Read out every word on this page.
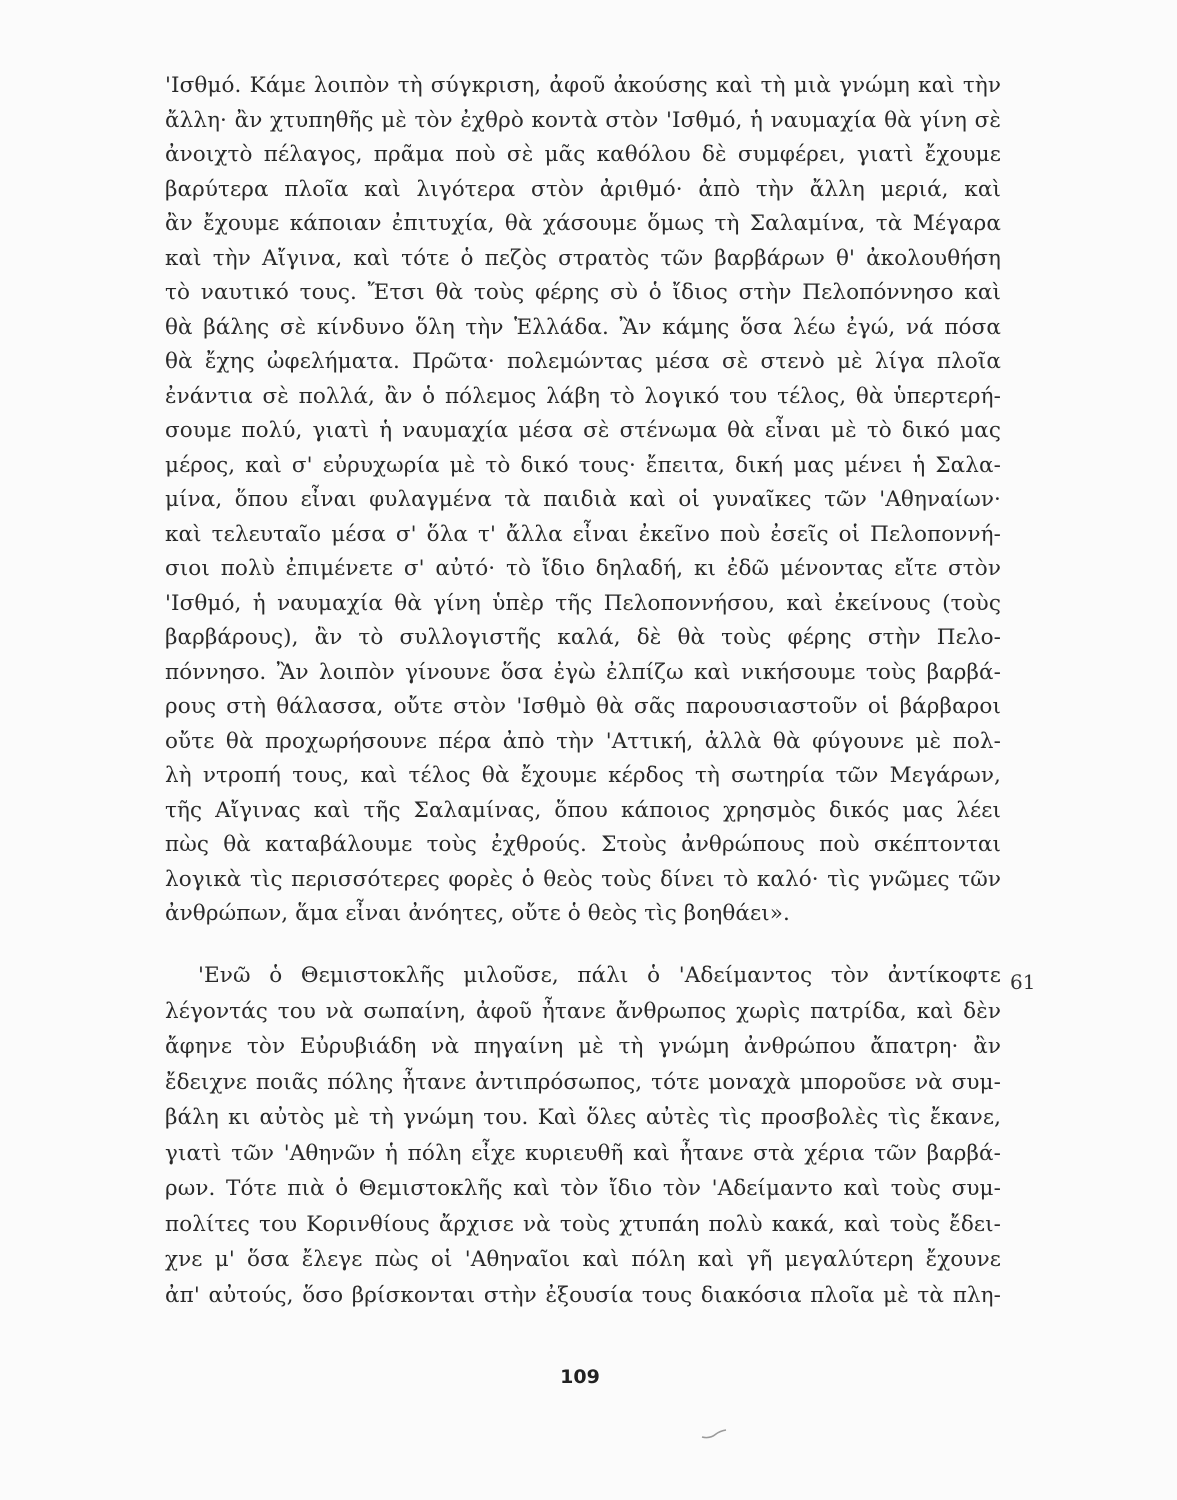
'Ισθμό. Κάμε λοιπὸν τὴ σύγκριση, ἀφοῦ ἀκούσης καὶ τὴ μιὰ γνώμη καὶ τὴν
ἄλλη· ἂν χτυπηθῆς μὲ τὸν ἐχθρὸ κοντὰ στὸν 'Ισθμό, ἡ ναυμαχία θὰ γίνη σὲ
ἀνοιχτὸ πέλαγος, πρᾶμα ποὺ σὲ μᾶς καθόλου δὲ συμφέρει, γιατὶ ἔχουμε
βαρύτερα πλοῖα καὶ λιγότερα στὸν ἀριθμό· ἀπὸ τὴν ἄλλη μεριά, καὶ
ἂν ἔχουμε κάποιαν ἐπιτυχία, θὰ χάσουμε ὅμως τὴ Σαλαμίνα, τὰ Μέγαρα
καὶ τὴν Αἴγινα, καὶ τότε ὁ πεζὸς στρατὸς τῶν βαρβάρων θ' ἀκολουθήση
τὸ ναυτικό τους. Ἔτσι θὰ τοὺς φέρης σὺ ὁ ἴδιος στὴν Πελοπόννησο καὶ
θὰ βάλης σὲ κίνδυνο ὅλη τὴν Ἑλλάδα. Ἂν κάμης ὅσα λέω ἐγώ, νά πόσα
θὰ ἔχης ὠφελήματα. Πρῶτα· πολεμώντας μέσα σὲ στενὸ μὲ λίγα πλοῖα
ἐνάντια σὲ πολλά, ἂν ὁ πόλεμος λάβη τὸ λογικό του τέλος, θὰ ὑπερτερή-
σουμε πολύ, γιατὶ ἡ ναυμαχία μέσα σὲ στένωμα θὰ εἶναι μὲ τὸ δικό μας
μέρος, καὶ σ' εὐρυχωρία μὲ τὸ δικό τους· ἔπειτα, δική μας μένει ἡ Σαλα-
μίνα, ὅπου εἶναι φυλαγμένα τὰ παιδιὰ καὶ οἱ γυναῖκες τῶν 'Αθηναίων·
καὶ τελευταῖο μέσα σ' ὅλα τ' ἄλλα εἶναι ἐκεῖνο ποὺ ἐσεῖς οἱ Πελοποννή-
σιοι πολὺ ἐπιμένετε σ' αὐτό· τὸ ἴδιο δηλαδή, κι ἐδῶ μένοντας εἴτε στὸν
'Ισθμό, ἡ ναυμαχία θὰ γίνη ὑπὲρ τῆς Πελοποννήσου, καὶ ἐκείνους (τοὺς
βαρβάρους), ἂν τὸ συλλογιστῆς καλά, δὲ θὰ τοὺς φέρης στὴν Πελο-
πόννησο. Ἂν λοιπὸν γίνουνε ὅσα ἐγὼ ἐλπίζω καὶ νικήσουμε τοὺς βαρβά-
ρους στὴ θάλασσα, οὔτε στὸν 'Ισθμὸ θὰ σᾶς παρουσιαστοῦν οἱ βάρβαροι
οὔτε θὰ προχωρήσουνε πέρα ἀπὸ τὴν 'Αττική, ἀλλὰ θὰ φύγουνε μὲ πολ-
λὴ ντροπή τους, καὶ τέλος θὰ ἔχουμε κέρδος τὴ σωτηρία τῶν Μεγάρων,
τῆς Αἴγινας καὶ τῆς Σαλαμίνας, ὅπου κάποιος χρησμὸς δικός μας λέει
πὼς θὰ καταβάλουμε τοὺς ἐχθρούς. Στοὺς ἀνθρώπους ποὺ σκέπτονται
λογικὰ τὶς περισσότερες φορὲς ὁ θεὸς τοὺς δίνει τὸ καλό· τὶς γνῶμες τῶν
ἀνθρώπων, ἅμα εἶναι ἀνόητες, οὔτε ὁ θεὸς τὶς βοηθάει».
'Ενῶ ὁ Θεμιστοκλῆς μιλοῦσε, πάλι ὁ 'Αδείμαντος τὸν ἀντίκοφτε
λέγοντάς του νὰ σωπαίνη, ἀφοῦ ἦτανε ἄνθρωπος χωρὶς πατρίδα, καὶ δὲν
ἄφηνε τὸν Εὐρυβιάδη νὰ πηγαίνη μὲ τὴ γνώμη ἀνθρώπου ἄπατρη· ἂν
ἔδειχνε ποιᾶς πόλης ἦτανε ἀντιπρόσωπος, τότε μοναχὰ μποροῦσε νὰ συμ-
βάλη κι αὐτὸς μὲ τὴ γνώμη του. Καὶ ὅλες αὐτὲς τὶς προσβολὲς τὶς ἔκανε,
γιατὶ τῶν 'Αθηνῶν ἡ πόλη εἶχε κυριευθῆ καὶ ἦτανε στὰ χέρια τῶν βαρβά-
ρων. Τότε πιὰ ὁ Θεμιστοκλῆς καὶ τὸν ἴδιο τὸν 'Αδείμαντο καὶ τοὺς συμ-
πολίτες του Κορινθίους ἄρχισε νὰ τοὺς χτυπάη πολὺ κακά, καὶ τοὺς ἔδει-
χνε μ' ὅσα ἔλεγε πὼς οἱ 'Αθηναῖοι καὶ πόλη καὶ γῆ μεγαλύτερη ἔχουνε
ἀπ' αὐτούς, ὅσο βρίσκονται στὴν ἐξουσία τους διακόσια πλοῖα μὲ τὰ πλη-
61
109
